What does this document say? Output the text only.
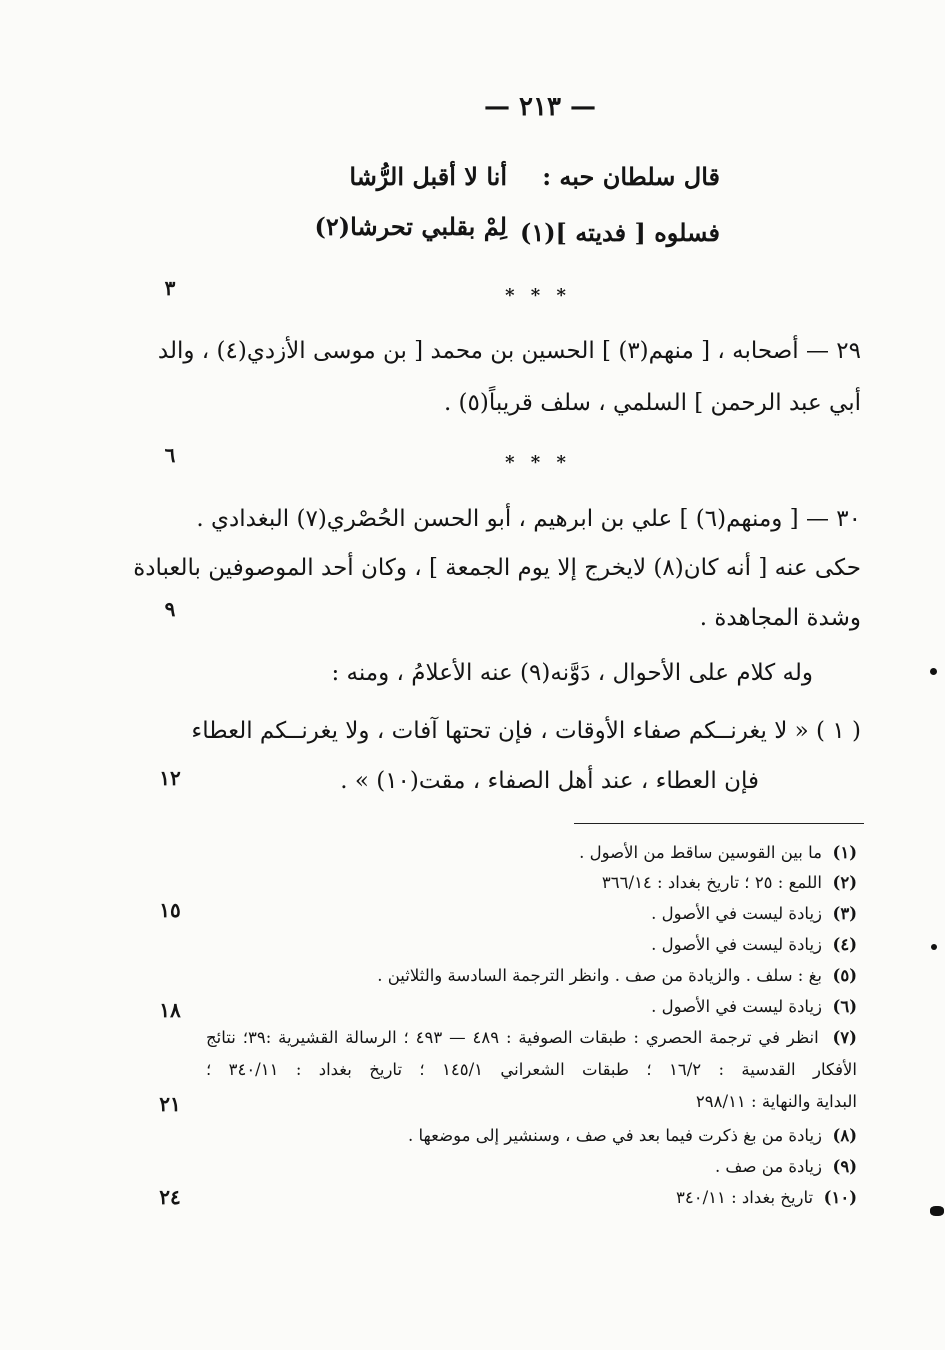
— ٢١٣ —
قال سلطان حبه :
أنا لا أقبل الرُّشا
فسلوه [ فديته ](١)
لِمْ بقلبي تحرشا(٢)
* * *
٢٩ — أصحابه ، [ منهم(٣) ] الحسين بن محمد [ بن موسى الأزدي(٤) ، والد
أبي عبد الرحمن ] السلمي ، سلف قريباً(٥) .
* * *
٣٠ — [ ومنهم(٦) ] علي بن ابرهيم ، أبو الحسن الحُصْري(٧) البغدادي .
حكى عنه [ أنه كان(٨) لايخرج إلا يوم الجمعة ] ، وكان أحد الموصوفين بالعبادة
وشدة المجاهدة .
وله كلام على الأحوال ، دَوَّنه(٩) عنه الأعلامُ ، ومنه :
( ١ ) « لا يغرنــكم صفاء الأوقات ، فإن تحتها آفات ، ولا يغرنــكم العطاء
فإن العطاء ، عند أهل الصفاء ، مقت(١٠) » .
٣
٦
٩
١٢
١٥
١٨
٢١
٢٤
(١)  ما بين القوسين ساقط من الأصول .
(٢)  اللمع : ٢٥ ؛ تاريخ بغداد : ٣٦٦/١٤
(٣)  زيادة ليست في الأصول .
(٤)  زيادة ليست في الأصول .
(٥)  بغ : سلف . والزيادة من صف . وانظر الترجمة السادسة والثلاثين .
(٦)  زيادة ليست في الأصول .
(٧)  انظر في ترجمة الحصري : طبقات الصوفية : ٤٨٩ — ٤٩٣ ؛ الرسالة القشيرية :٣٩؛ نتائج
الأفكار القدسية : ١٦/٢ ؛ طبقات الشعراني ١٤٥/١ ؛ تاريخ بغداد : ٣٤٠/١١ ؛
البداية والنهاية : ٢٩٨/١١
(٨)  زيادة من بغ ذكرت فيما بعد في صف ، وسنشير إلى موضعها .
(٩)  زيادة من صف .
(١٠)  تاريخ بغداد : ٣٤٠/١١
